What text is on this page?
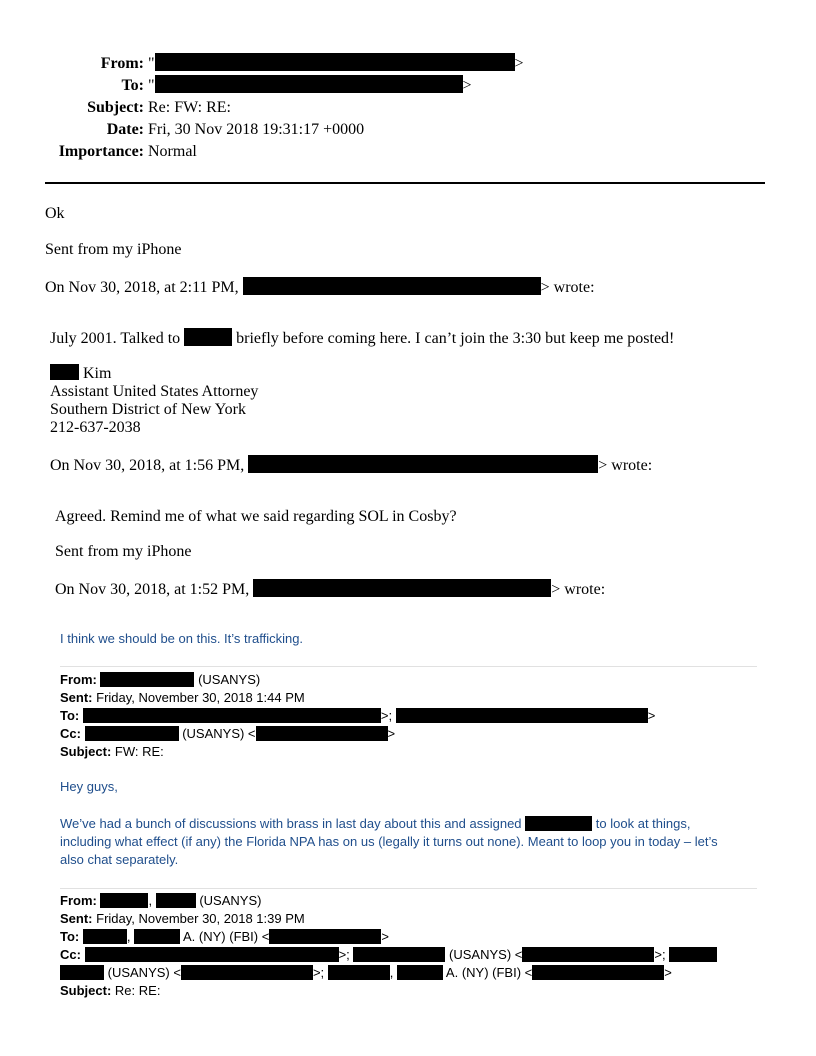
From: "	>
To: "	>
Subject: Re: FW: RE:
Date: Fri, 30 Nov 2018 19:31:17 +0000
Importance: Normal
Ok
Sent from my iPhone
On Nov 30, 2018, at 2:11 PM,	> wrote:
July 2001. Talked to	briefly before coming here. I can’t join the 3:30 but keep me posted!
Kim
Assistant United States Attorney
Southern District of New York
212-637-2038
On Nov 30, 2018, at 1:56 PM,	> wrote:
Agreed. Remind me of what we said regarding SOL in Cosby?
Sent from my iPhone
On Nov 30, 2018, at 1:52 PM,	> wrote:
I think we should be on this. It’s trafficking.
From:	(USANYS)
Sent: Friday, November 30, 2018 1:44 PM
To:	>;	>
Cc:	(USANYS) <	>
Subject: FW: RE:
Hey guys,
We’ve had a bunch of discussions with brass in last day about this and assigned	to look at things,
including what effect (if any) the Florida NPA has on us (legally it turns out none). Meant to loop you in today – let’s
also chat separately.
From:	,	(USANYS)
Sent: Friday, November 30, 2018 1:39 PM
To:	,	A. (NY) (FBI) <	>
Cc:	>;	(USANYS) <	>;
(USANYS) <	>;	,	A. (NY) (FBI) <	>
Subject: Re: RE:
